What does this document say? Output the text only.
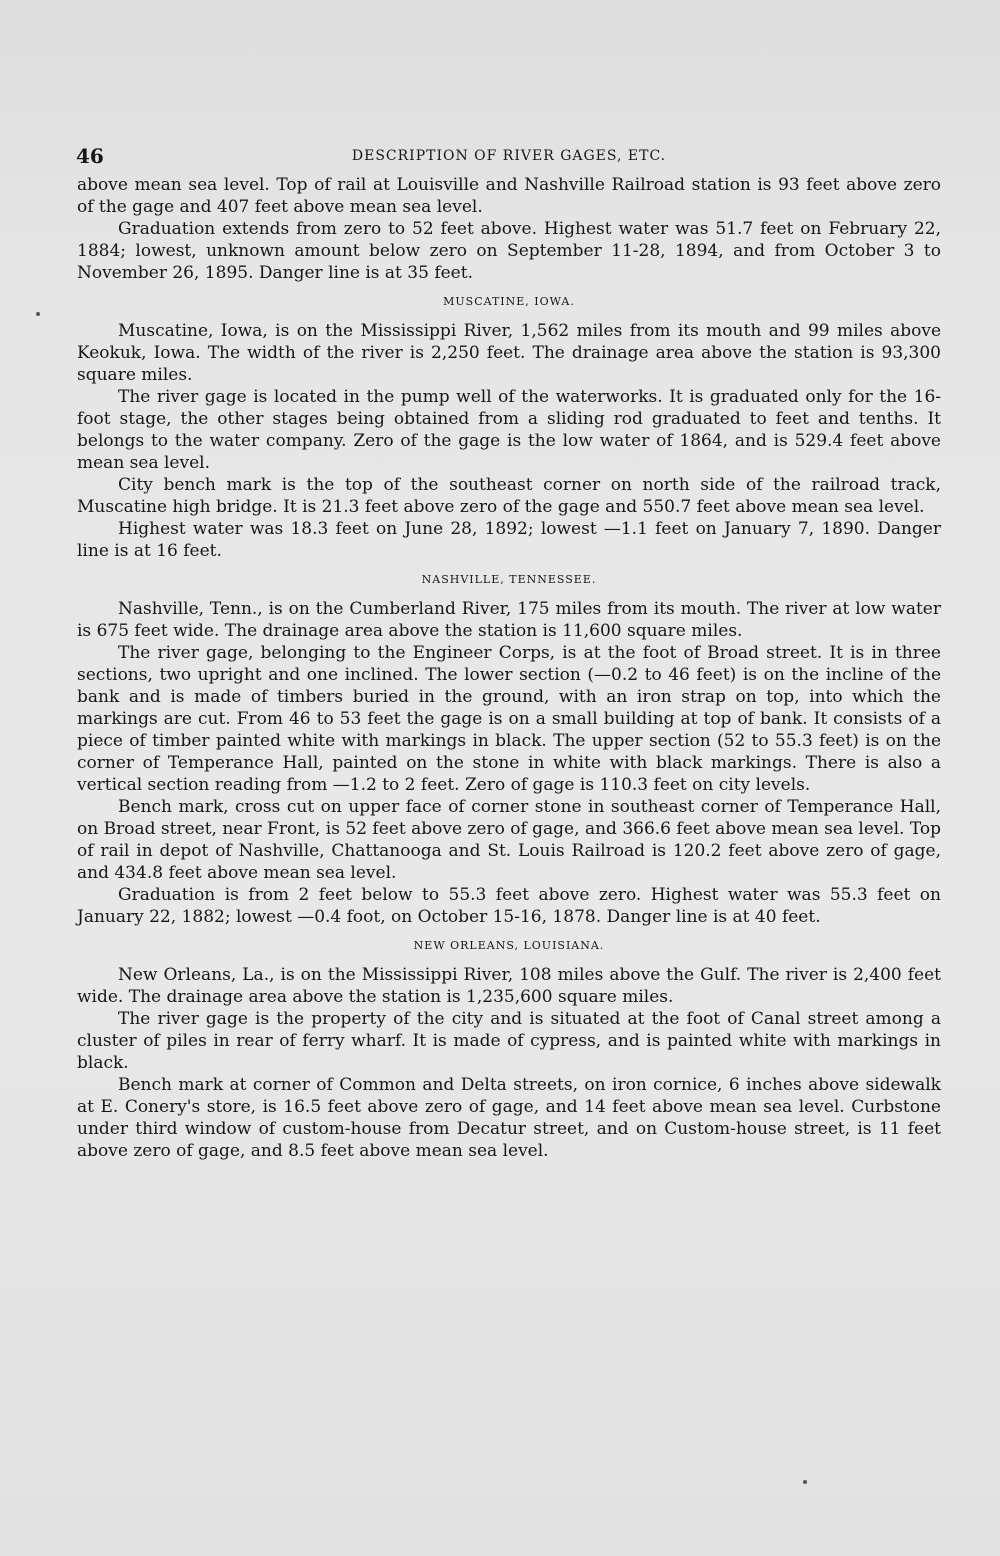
46	DESCRIPTION OF RIVER GAGES, ETC.

above mean sea level. Top of rail at Louisville and Nashville Railroad station is 93 feet above zero of the gage and 407 feet above mean sea level.

Graduation extends from zero to 52 feet above. Highest water was 51.7 feet on February 22, 1884; lowest, unknown amount below zero on September 11-28, 1894, and from October 3 to November 26, 1895. Danger line is at 35 feet.

MUSCATINE, IOWA.

Muscatine, Iowa, is on the Mississippi River, 1,562 miles from its mouth and 99 miles above Keokuk, Iowa. The width of the river is 2,250 feet. The drainage area above the station is 93,300 square miles.

The river gage is located in the pump well of the waterworks. It is graduated only for the 16-foot stage, the other stages being obtained from a sliding rod graduated to feet and tenths. It belongs to the water company. Zero of the gage is the low water of 1864, and is 529.4 feet above mean sea level.

City bench mark is the top of the southeast corner on north side of the railroad track, Muscatine high bridge. It is 21.3 feet above zero of the gage and 550.7 feet above mean sea level.

Highest water was 18.3 feet on June 28, 1892; lowest —1.1 feet on January 7, 1890. Danger line is at 16 feet.

NASHVILLE, TENNESSEE.

Nashville, Tenn., is on the Cumberland River, 175 miles from its mouth. The river at low water is 675 feet wide. The drainage area above the station is 11,600 square miles.

The river gage, belonging to the Engineer Corps, is at the foot of Broad street. It is in three sections, two upright and one inclined. The lower section (—0.2 to 46 feet) is on the incline of the bank and is made of timbers buried in the ground, with an iron strap on top, into which the markings are cut. From 46 to 53 feet the gage is on a small building at top of bank. It consists of a piece of timber painted white with markings in black. The upper section (52 to 55.3 feet) is on the corner of Temperance Hall, painted on the stone in white with black markings. There is also a vertical section reading from —1.2 to 2 feet. Zero of gage is 110.3 feet on city levels.

Bench mark, cross cut on upper face of corner stone in southeast corner of Temperance Hall, on Broad street, near Front, is 52 feet above zero of gage, and 366.6 feet above mean sea level. Top of rail in depot of Nashville, Chattanooga and St. Louis Railroad is 120.2 feet above zero of gage, and 434.8 feet above mean sea level.

Graduation is from 2 feet below to 55.3 feet above zero. Highest water was 55.3 feet on January 22, 1882; lowest —0.4 foot, on October 15-16, 1878. Danger line is at 40 feet.

NEW ORLEANS, LOUISIANA.

New Orleans, La., is on the Mississippi River, 108 miles above the Gulf. The river is 2,400 feet wide. The drainage area above the station is 1,235,600 square miles.

The river gage is the property of the city and is situated at the foot of Canal street among a cluster of piles in rear of ferry wharf. It is made of cypress, and is painted white with markings in black.

Bench mark at corner of Common and Delta streets, on iron cornice, 6 inches above sidewalk at E. Conery's store, is 16.5 feet above zero of gage, and 14 feet above mean sea level. Curbstone under third window of custom-house from Decatur street, and on Custom-house street, is 11 feet above zero of gage, and 8.5 feet above mean sea level.
